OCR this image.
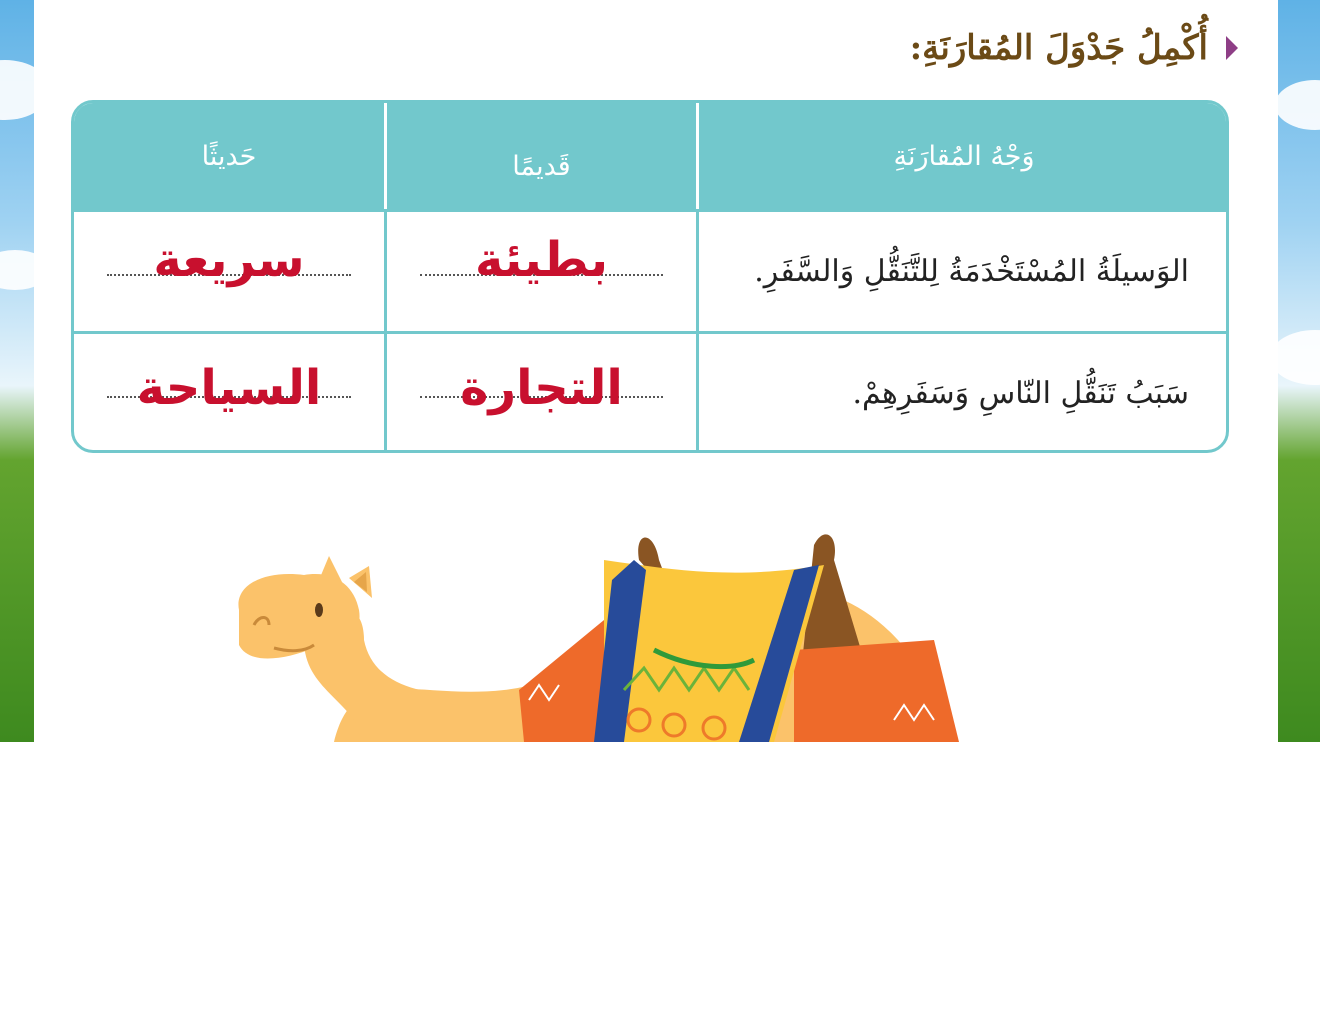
أُكْمِلُ جَدْوَلَ المُقارَنَةِ:
وَجْهُ المُقارَنَةِ
قَديمًا
حَديثًا
الوَسيلَةُ المُسْتَخْدَمَةُ لِلتَّنَقُّلِ وَالسَّفَرِ.
بطيئة
سريعة
سَبَبُ تَنَقُّلِ النّاسِ وَسَفَرِهِمْ.
التجارة
السياحة
